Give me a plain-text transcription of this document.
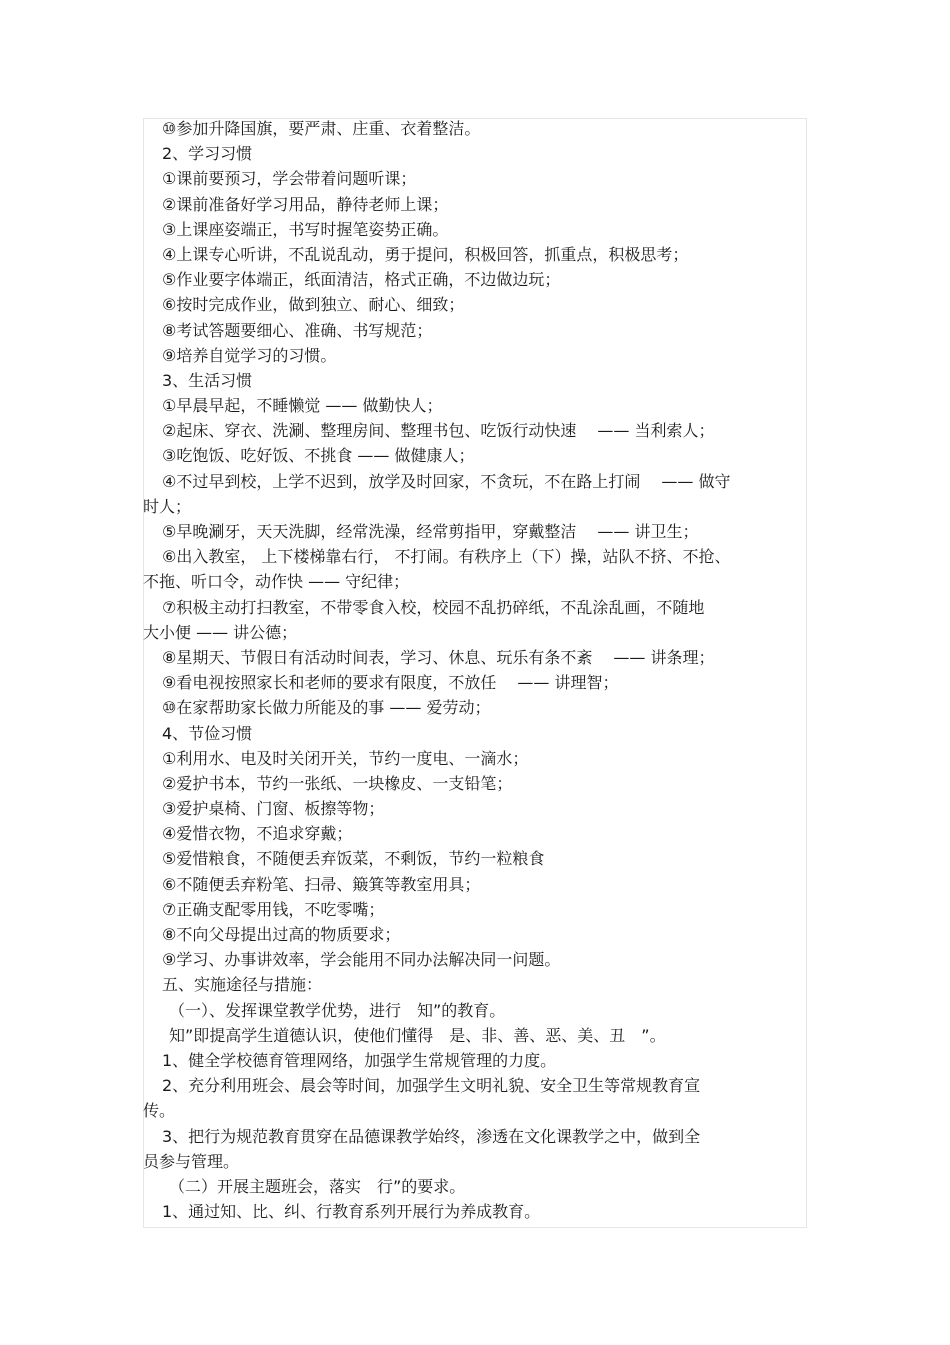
⑩参加升降国旗，要严肃、庄重、衣着整洁。
2、学习习惯
①课前要预习，学会带着问题听课；
②课前准备好学习用品，静待老师上课；
③上课座姿端正，书写时握笔姿势正确。
④上课专心听讲，不乱说乱动，勇于提问，积极回答，抓重点，积极思考；
⑤作业要字体端正，纸面清洁，格式正确，不边做边玩；
⑥按时完成作业，做到独立、耐心、细致；
⑧考试答题要细心、准确、书写规范；
⑨培养自觉学习的习惯。
3、生活习惯
①早晨早起，不睡懒觉 —— 做勤快人；
②起床、穿衣、洗涮、整理房间、整理书包、吃饭行动快速　 —— 当利索人；
③吃饱饭、吃好饭、不挑食 —— 做健康人；
④不过早到校，上学不迟到，放学及时回家，不贪玩，不在路上打闹　 —— 做守
时人；
⑤早晚涮牙，天天洗脚，经常洗澡，经常剪指甲，穿戴整洁　 —— 讲卫生；
⑥出入教室， 上下楼梯靠右行， 不打闹。有秩序上（下）操，站队不挤、不抢、
不拖、听口令，动作快 —— 守纪律；
⑦积极主动打扫教室，不带零食入校，校园不乱扔碎纸，不乱涂乱画，不随地
大小便 —— 讲公德；
⑧星期天、节假日有活动时间表，学习、休息、玩乐有条不紊　 —— 讲条理；
⑨看电视按照家长和老师的要求有限度，不放任　 —— 讲理智；
⑩在家帮助家长做力所能及的事 —— 爱劳动；
4、节俭习惯
①利用水、电及时关闭开关，节约一度电、一滴水；
②爱护书本，节约一张纸、一块橡皮、一支铅笔；
③爱护桌椅、门窗、板擦等物；
④爱惜衣物，不追求穿戴；
⑤爱惜粮食，不随便丢弃饭菜，不剩饭，节约一粒粮食
⑥不随便丢弃粉笔、扫帚、簸箕等教室用具；
⑦正确支配零用钱，不吃零嘴；
⑧不向父母提出过高的物质要求；
⑨学习、办事讲效率，学会能用不同办法解决同一问题。
五、实施途径与措施：
（一）、发挥课堂教学优势，进行　知”的教育。
知”即提高学生道德认识，使他们懂得　是、非、善、恶、美、丑　”。
1、健全学校德育管理网络，加强学生常规管理的力度。
2、充分利用班会、晨会等时间，加强学生文明礼貌、安全卫生等常规教育宣
传。
3、把行为规范教育贯穿在品德课教学始终，渗透在文化课教学之中，做到全
员参与管理。
（二）开展主题班会，落实　行”的要求。
1、通过知、比、纠、行教育系列开展行为养成教育。
